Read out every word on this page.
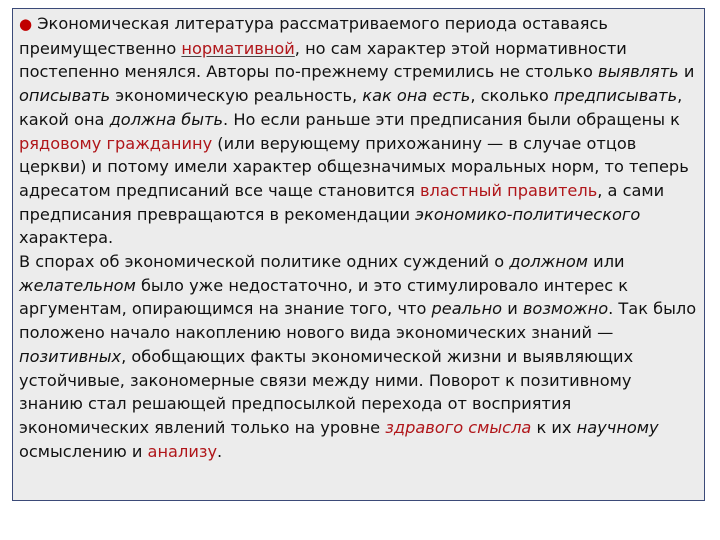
● Экономическая литература рассматриваемого периода оставаясь преимущественно нормативной, но сам характер этой нормативности постепенно менялся. Авторы по-прежнему стремились не столько выявлять и описывать экономическую реальность, как она есть, сколько предписывать, какой она должна быть. Но если раньше эти предписания были обращены к рядовому гражданину (или верующему прихожанину — в случае отцов церкви) и потому имели характер общезначимых моральных норм, то теперь адресатом предписаний все чаще становится властный правитель, а сами предписания превращаются в рекомендации экономико-политического характера.

В спорах об экономической политике одних суждений о должном или желательном было уже недостаточно, и это стимулировало интерес к аргументам, опирающимся на знание того, что реально и возможно. Так было положено начало накоплению нового вида экономических знаний — позитивных, обобщающих факты экономической жизни и выявляющих устойчивые, закономерные связи между ними. Поворот к позитивному знанию стал решающей предпосылкой перехода от восприятия экономических явлений только на уровне здравого смысла к их научному осмыслению и анализу.
